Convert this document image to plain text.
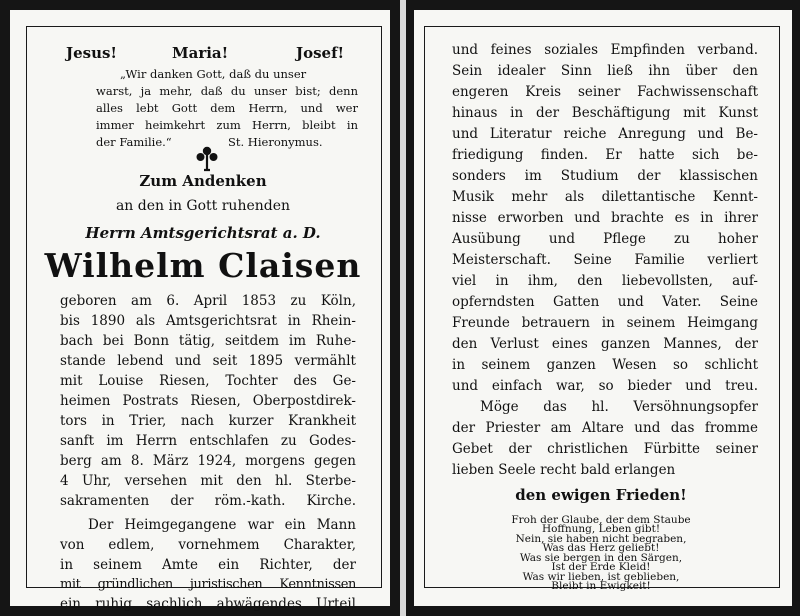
Jesus!	Maria!	Josef!
„Wir danken Gott, daß du unser
warst, ja mehr, daß du unser bist; denn
alles lebt Gott dem Herrn, und wer
immer heimkehrt zum Herrn, bleibt in
der Familie.“	St. Hieronymus.
Zum Andenken
an den in Gott ruhenden
Herrn Amtsgerichtsrat a. D.
Wilhelm Claisen
geboren am 6. April 1853 zu Köln,
bis 1890 als Amtsgerichtsrat in Rhein-
bach bei Bonn tätig, seitdem im Ruhe-
stande lebend und seit 1895 vermählt
mit Louise Riesen, Tochter des Ge-
heimen Postrats Riesen, Oberpostdirek-
tors in Trier, nach kurzer Krankheit
sanft im Herrn entschlafen zu Godes-
berg am 8. März 1924, morgens gegen
4 Uhr, versehen mit den hl. Sterbe-
sakramenten der röm.-kath. Kirche.
Der Heimgegangene war ein Mann
von edlem, vornehmem Charakter,
in seinem Amte ein Richter, der
mit gründlichen juristischen Kenntnissen
ein ruhig sachlich abwägendes Urteil
und feines soziales Empfinden verband.
Sein idealer Sinn ließ ihn über den
engeren Kreis seiner Fachwissenschaft
hinaus in der Beschäftigung mit Kunst
und Literatur reiche Anregung und Be-
friedigung finden. Er hatte sich be-
sonders im Studium der klassischen
Musik mehr als dilettantische Kennt-
nisse erworben und brachte es in ihrer
Ausübung und Pflege zu hoher
Meisterschaft. Seine Familie verliert
viel in ihm, den liebevollsten, auf-
opferndsten Gatten und Vater. Seine
Freunde betrauern in seinem Heimgang
den Verlust eines ganzen Mannes, der
in seinem ganzen Wesen so schlicht
und einfach war, so bieder und treu.
Möge das hl. Versöhnungsopfer
der Priester am Altare und das fromme
Gebet der christlichen Fürbitte seiner
lieben Seele recht bald erlangen
den ewigen Frieden!
Froh der Glaube, der dem Staube
Hoffnung, Leben gibt!
Nein, sie haben nicht begraben,
Was das Herz geliebt!
Was sie bergen in den Särgen,
Ist der Erde Kleid!
Was wir lieben, ist geblieben,
Bleibt in Ewigkeit!
